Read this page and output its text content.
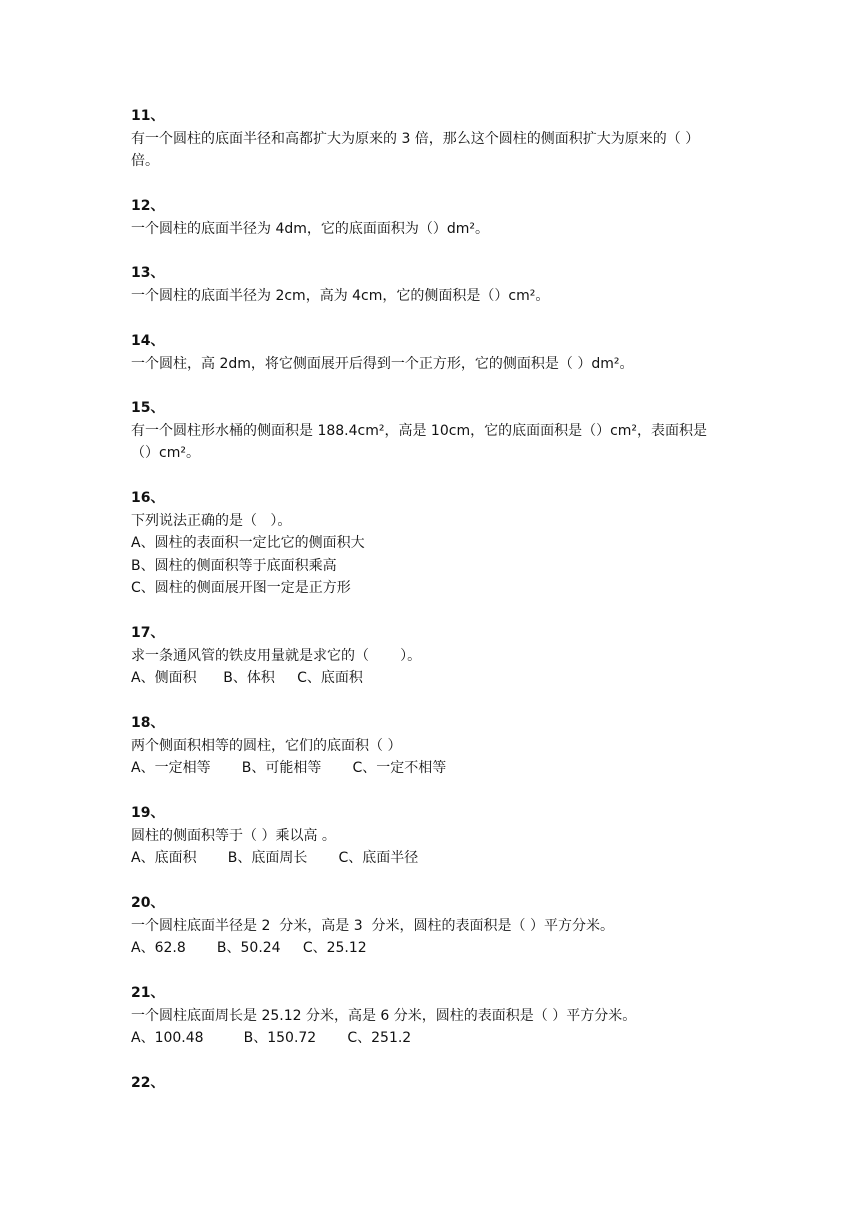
11、
有一个圆柱的底面半径和高都扩大为原来的 3 倍，那么这个圆柱的侧面积扩大为原来的（ ）
倍。
12、
一个圆柱的底面半径为 4dm，它的底面面积为（）dm²。
13、
一个圆柱的底面半径为 2cm，高为 4cm，它的侧面积是（）cm²。
14、
一个圆柱，高 2dm，将它侧面展开后得到一个正方形，它的侧面积是（ ）dm²。
15、
有一个圆柱形水桶的侧面积是 188.4cm²，高是 10cm，它的底面面积是（）cm²，表面积是
（）cm²。
16、
下列说法正确的是（   ）。
A、圆柱的表面积一定比它的侧面积大
B、圆柱的侧面积等于底面积乘高
C、圆柱的侧面展开图一定是正方形
17、
求一条通风管的铁皮用量就是求它的（       ）。
A、侧面积      B、体积     C、底面积
18、
两个侧面积相等的圆柱，它们的底面积（ ）
A、一定相等       B、可能相等       C、一定不相等
19、
圆柱的侧面积等于（ ）乘以高 。
A、底面积       B、底面周长       C、底面半径
20、
一个圆柱底面半径是 2  分米，高是 3  分米，圆柱的表面积是（ ）平方分米。
A、62.8       B、50.24     C、25.12
21、
一个圆柱底面周长是 25.12 分米，高是 6 分米，圆柱的表面积是（ ）平方分米。
A、100.48         B、150.72       C、251.2
22、
